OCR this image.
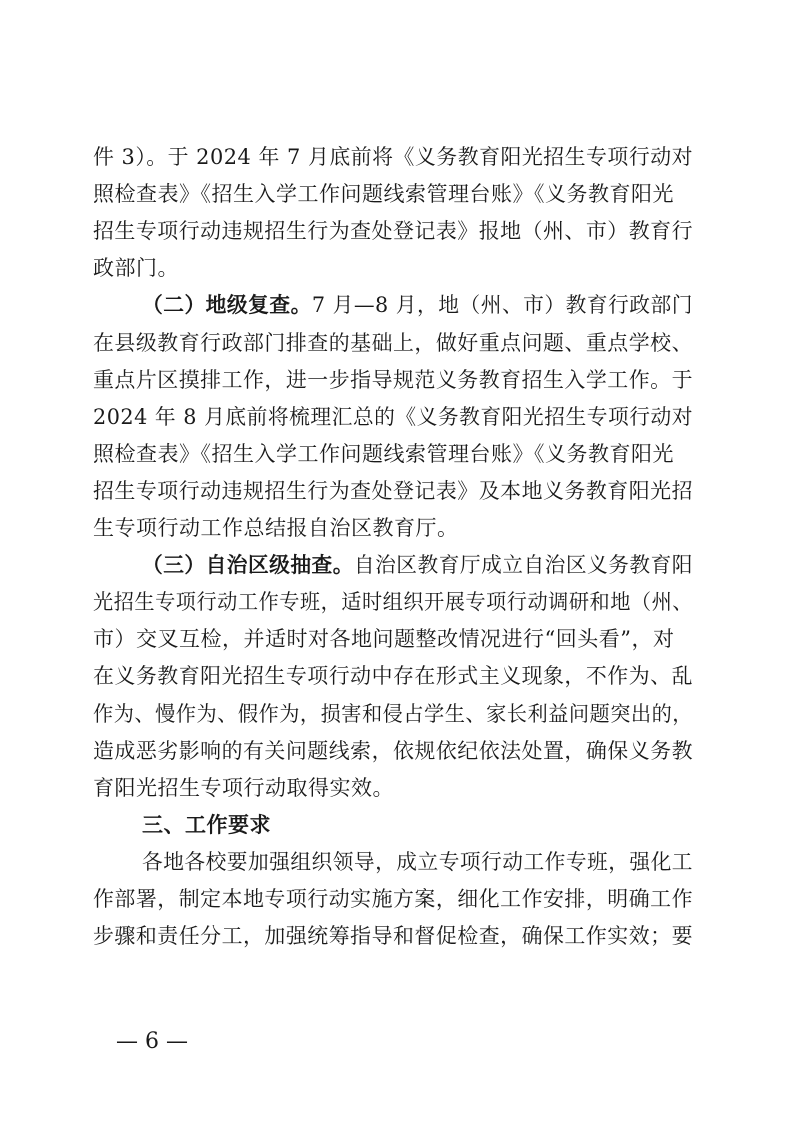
件 3）。于 2024 年 7 月底前将《义务教育阳光招生专项行动对
照检查表》《招生入学工作问题线索管理台账》《义务教育阳光
招生专项行动违规招生行为查处登记表》报地（州、市）教育行
政部门。
（二）地级复查。7 月—8 月，地（州、市）教育行政部门
在县级教育行政部门排查的基础上，做好重点问题、重点学校、
重点片区摸排工作，进一步指导规范义务教育招生入学工作。于
2024 年 8 月底前将梳理汇总的《义务教育阳光招生专项行动对
照检查表》《招生入学工作问题线索管理台账》《义务教育阳光
招生专项行动违规招生行为查处登记表》及本地义务教育阳光招
生专项行动工作总结报自治区教育厅。
（三）自治区级抽查。自治区教育厅成立自治区义务教育阳
光招生专项行动工作专班，适时组织开展专项行动调研和地（州、
市）交叉互检，并适时对各地问题整改情况进行“回头看”，对
在义务教育阳光招生专项行动中存在形式主义现象，不作为、乱
作为、慢作为、假作为，损害和侵占学生、家长利益问题突出的，
造成恶劣影响的有关问题线索，依规依纪依法处置，确保义务教
育阳光招生专项行动取得实效。
三、工作要求
各地各校要加强组织领导，成立专项行动工作专班，强化工
作部署，制定本地专项行动实施方案，细化工作安排，明确工作
步骤和责任分工，加强统筹指导和督促检查，确保工作实效；要
— 6 —
